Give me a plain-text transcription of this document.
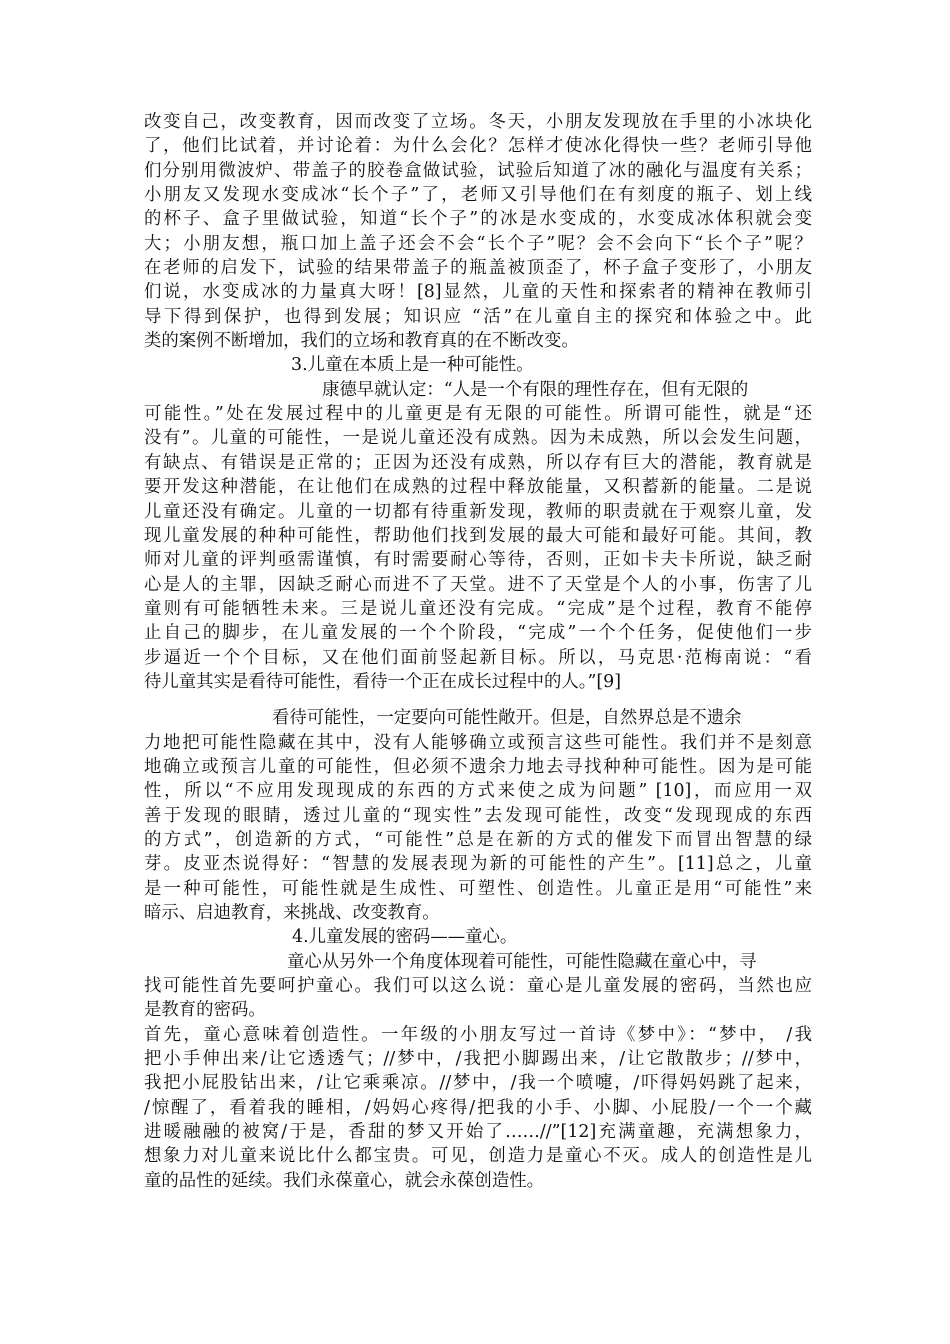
改变自己，改变教育，因而改变了立场。冬天，小朋友发现放在手里的小冰块化
了，他们比试着，并讨论着：为什么会化？怎样才使冰化得快一些？老师引导他
们分别用微波炉、带盖子的胶卷盒做试验，试验后知道了冰的融化与温度有关系；
小朋友又发现水变成冰“长个子”了，老师又引导他们在有刻度的瓶子、划上线
的杯子、盒子里做试验，知道“长个子”的冰是水变成的，水变成冰体积就会变
大；小朋友想，瓶口加上盖子还会不会“长个子”呢？会不会向下“长个子”呢？
在老师的启发下，试验的结果带盖子的瓶盖被顶歪了，杯子盒子变形了，小朋友
们说，水变成冰的力量真大呀！[8]显然，儿童的天性和探索者的精神在教师引
导下得到保护，也得到发展；知识应 “活”在儿童自主的探究和体验之中。此
类的案例不断增加，我们的立场和教育真的在不断改变。
3.儿童在本质上是一种可能性。
康德早就认定：“人是一个有限的理性存在，但有无限的
可能性。”处在发展过程中的儿童更是有无限的可能性。所谓可能性，就是“还
没有”。儿童的可能性，一是说儿童还没有成熟。因为未成熟，所以会发生问题，
有缺点、有错误是正常的；正因为还没有成熟，所以存有巨大的潜能，教育就是
要开发这种潜能，在让他们在成熟的过程中释放能量，又积蓄新的能量。二是说
儿童还没有确定。儿童的一切都有待重新发现，教师的职责就在于观察儿童，发
现儿童发展的种种可能性，帮助他们找到发展的最大可能和最好可能。其间，教
师对儿童的评判亟需谨慎，有时需要耐心等待，否则，正如卡夫卡所说，缺乏耐
心是人的主罪，因缺乏耐心而进不了天堂。进不了天堂是个人的小事，伤害了儿
童则有可能牺牲未来。三是说儿童还没有完成。“完成”是个过程，教育不能停
止自己的脚步，在儿童发展的一个个阶段，“完成”一个个任务，促使他们一步
步逼近一个个目标，又在他们面前竖起新目标。所以，马克思·范梅南说：“看
待儿童其实是看待可能性，看待一个正在成长过程中的人。”[9]
看待可能性，一定要向可能性敞开。但是，自然界总是不遗余
力地把可能性隐藏在其中，没有人能够确立或预言这些可能性。我们并不是刻意
地确立或预言儿童的可能性，但必须不遗余力地去寻找种种可能性。因为是可能
性，所以“不应用发现现成的东西的方式来使之成为问题” [10]，而应用一双
善于发现的眼睛，透过儿童的“现实性”去发现可能性，改变“发现现成的东西
的方式”，创造新的方式，“可能性”总是在新的方式的催发下而冒出智慧的绿
芽。皮亚杰说得好：“智慧的发展表现为新的可能性的产生”。[11]总之，儿童
是一种可能性，可能性就是生成性、可塑性、创造性。儿童正是用“可能性”来
暗示、启迪教育，来挑战、改变教育。
4.儿童发展的密码——童心。
童心从另外一个角度体现着可能性，可能性隐藏在童心中，寻
找可能性首先要呵护童心。我们可以这么说：童心是儿童发展的密码，当然也应
是教育的密码。
首先，童心意味着创造性。一年级的小朋友写过一首诗《梦中》：“梦中， /我
把小手伸出来/让它透透气；//梦中，/我把小脚踢出来，/让它散散步；//梦中，
我把小屁股钻出来，/让它乘乘凉。//梦中，/我一个喷嚏，/吓得妈妈跳了起来，
/惊醒了，看着我的睡相，/妈妈心疼得/把我的小手、小脚、小屁股/一个一个藏
进暖融融的被窝/于是，香甜的梦又开始了……//”[12]充满童趣，充满想象力，
想象力对儿童来说比什么都宝贵。可见，创造力是童心不灭。成人的创造性是儿
童的品性的延续。我们永葆童心，就会永葆创造性。
